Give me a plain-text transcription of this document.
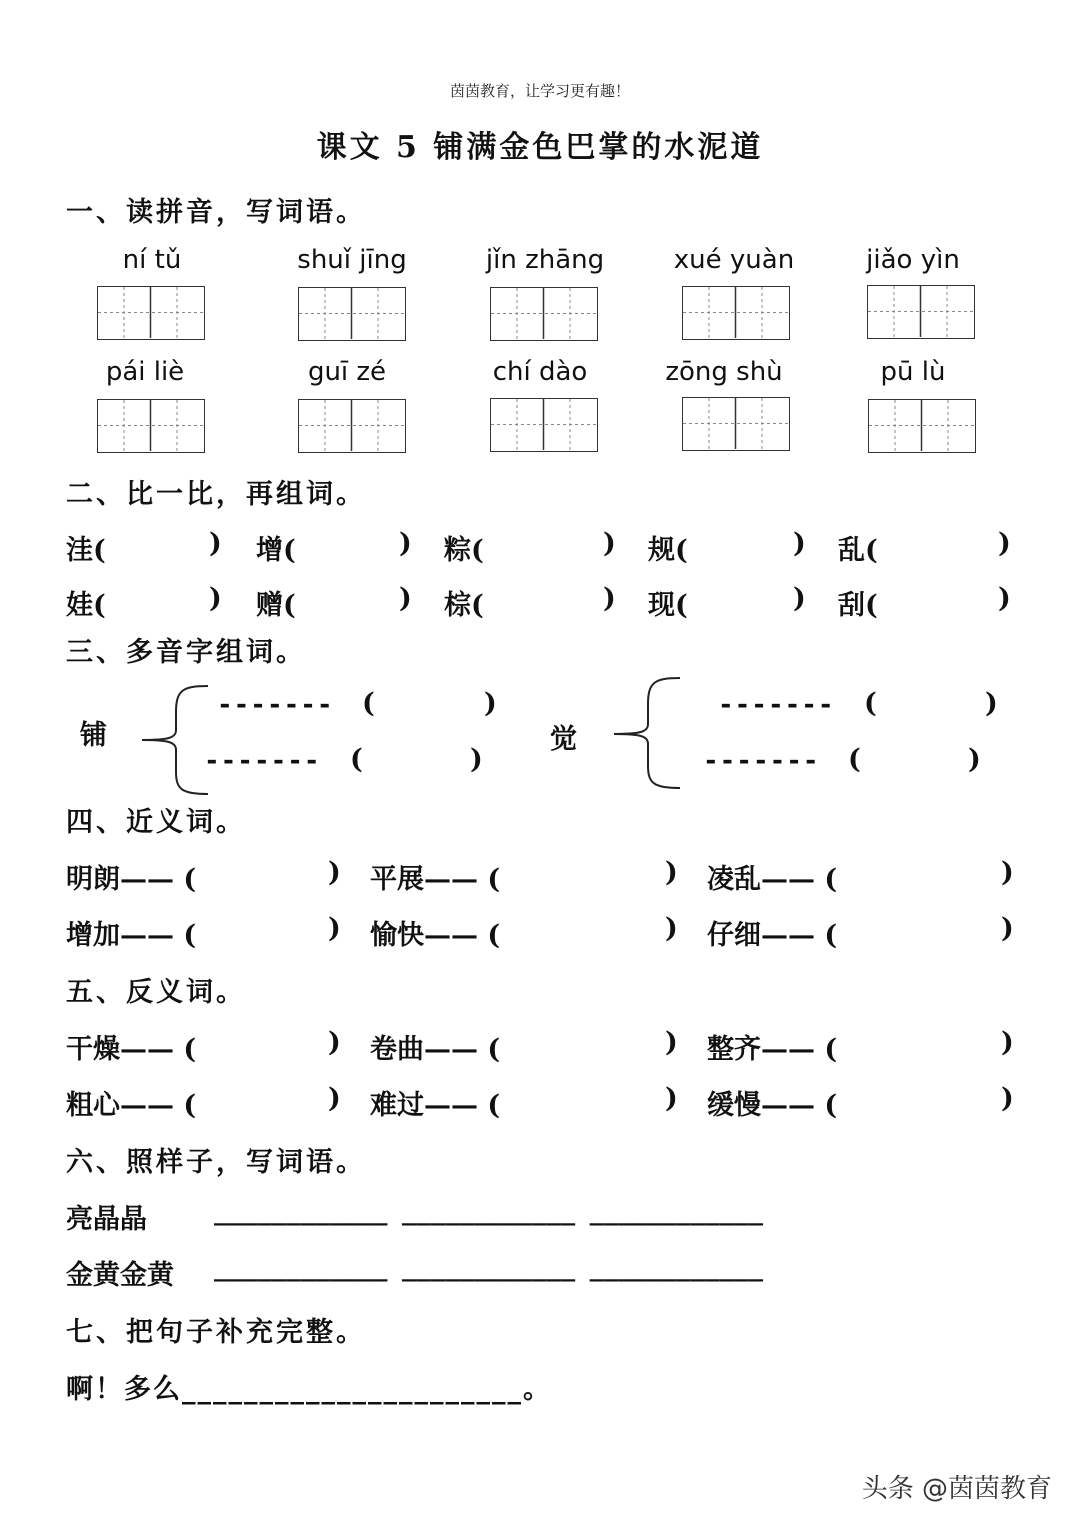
茵茵教育，让学习更有趣！
课文 5 铺满金色巴掌的水泥道
一、读拼音，写词语。
ní tǔ	shuǐ jīng	jǐn zhāng	xué yuàn	jiǎo yìn
pái liè	guī zé	chí dào	zōng shù	pū lù
二、比一比，再组词。
洼(	) 增(	) 粽(	) 规(	) 乱(	)
娃(	) 赠(	) 棕(	) 现(	) 刮(	)
三、多音字组词。
铺
------- (	)
------- (	)
觉
------- (	)
------- (	)
四、近义词。
明朗—— (	) 平展—— (	) 凌乱—— (	)
增加—— (	) 愉快—— (	) 仔细—— (	)
五、反义词。
干燥—— (	) 卷曲—— (	) 整齐—— (	)
粗心—— (	) 难过—— (	) 缓慢—— (	)
六、照样子，写词语。
亮晶晶	____________ ____________ ____________
金黄金黄 ____________ ____________ ____________
七、把句子补充完整。
啊！多么______________________。
头条 @茵茵教育
